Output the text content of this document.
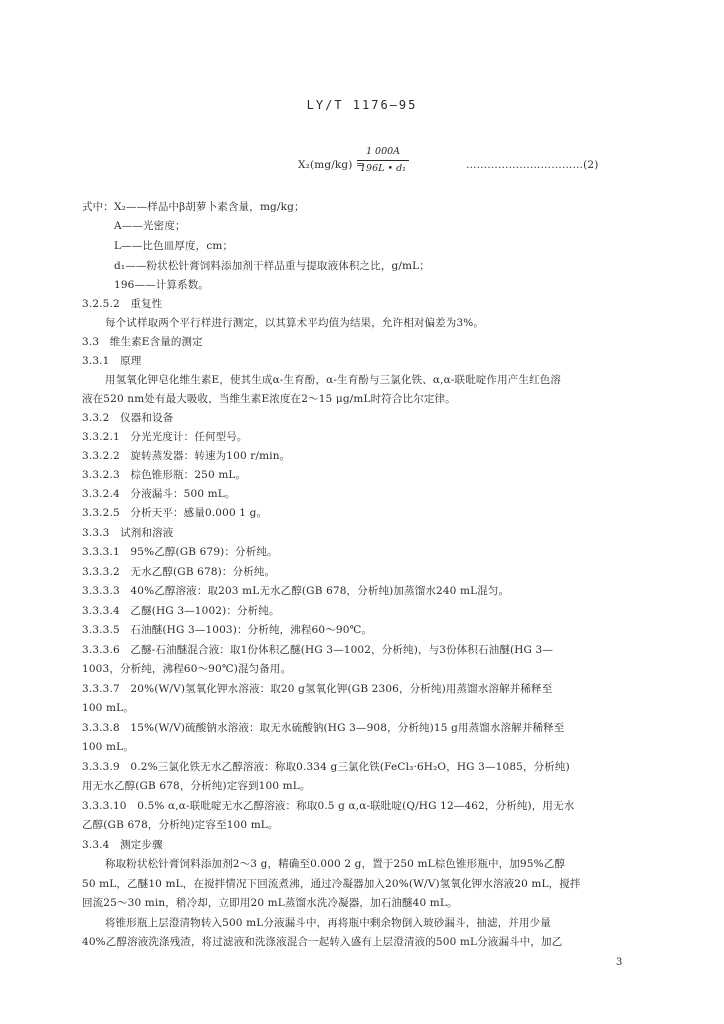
LY/T 1176—95
X₂(mg/kg) =
1 000A
196L • d₁	……………………………(2)
式中：X₂——样品中β胡萝卜素含量，mg/kg；
A——光密度；
L——比色皿厚度，cm；
d₁——粉状松针膏饲料添加剂干样品重与提取液体积之比，g/mL；
196——计算系数。
3.2.5.2　重复性
每个试样取两个平行样进行测定，以其算术平均值为结果，允许相对偏差为3%。
3.3　维生素E含量的测定
3.3.1　原理
用氢氧化钾皂化维生素E，使其生成α-生育酚，α-生育酚与三氯化铁、α,α-联吡啶作用产生红色溶
液在520 nm处有最大吸收，当维生素E浓度在2～15 μg/mL时符合比尔定律。
3.3.2　仪器和设备
3.3.2.1　分光光度计：任何型号。
3.3.2.2　旋转蒸发器：转速为100 r/min。
3.3.2.3　棕色锥形瓶：250 mL。
3.3.2.4　分液漏斗：500 mL。
3.3.2.5　分析天平：感量0.000 1 g。
3.3.3　试剂和溶液
3.3.3.1　95%乙醇(GB 679)：分析纯。
3.3.3.2　无水乙醇(GB 678)：分析纯。
3.3.3.3　40%乙醇溶液：取203 mL无水乙醇(GB 678，分析纯)加蒸馏水240 mL混匀。
3.3.3.4　乙醚(HG 3—1002)：分析纯。
3.3.3.5　石油醚(HG 3—1003)：分析纯，沸程60～90℃。
3.3.3.6　乙醚-石油醚混合液：取1份体积乙醚(HG 3—1002，分析纯)，与3份体积石油醚(HG 3—
1003，分析纯，沸程60～90℃)混匀备用。
3.3.3.7　20%(W/V)氢氧化钾水溶液：取20 g氢氧化钾(GB 2306，分析纯)用蒸馏水溶解并稀释至
100 mL。
3.3.3.8　15%(W/V)硫酸钠水溶液：取无水硫酸钠(HG 3—908，分析纯)15 g用蒸馏水溶解并稀释至
100 mL。
3.3.3.9　0.2%三氯化铁无水乙醇溶液：称取0.334 g三氯化铁(FeCl₃·6H₂O，HG 3—1085，分析纯)
用无水乙醇(GB 678，分析纯)定容到100 mL。
3.3.3.10　0.5% α,α-联吡啶无水乙醇溶液：称取0.5 g α,α-联吡啶(Q/HG 12—462，分析纯)，用无水
乙醇(GB 678，分析纯)定容至100 mL。
3.3.4　测定步骤
称取粉状松针膏饲料添加剂2～3 g，精确至0.000 2 g，置于250 mL棕色锥形瓶中，加95%乙醇
50 mL，乙醚10 mL，在搅拌情况下回流煮沸，通过冷凝器加入20%(W/V)氢氧化钾水溶液20 mL，搅拌
回流25～30 min，稍冷却，立即用20 mL蒸馏水洗冷凝器，加石油醚40 mL。
将锥形瓶上层澄清物转入500 mL分液漏斗中，再将瓶中剩余物倒入玻砂漏斗，抽滤，并用少量
40%乙醇溶液洗涤残渣，将过滤液和洗涤液混合一起转入盛有上层澄清液的500 mL分液漏斗中，加乙
3
